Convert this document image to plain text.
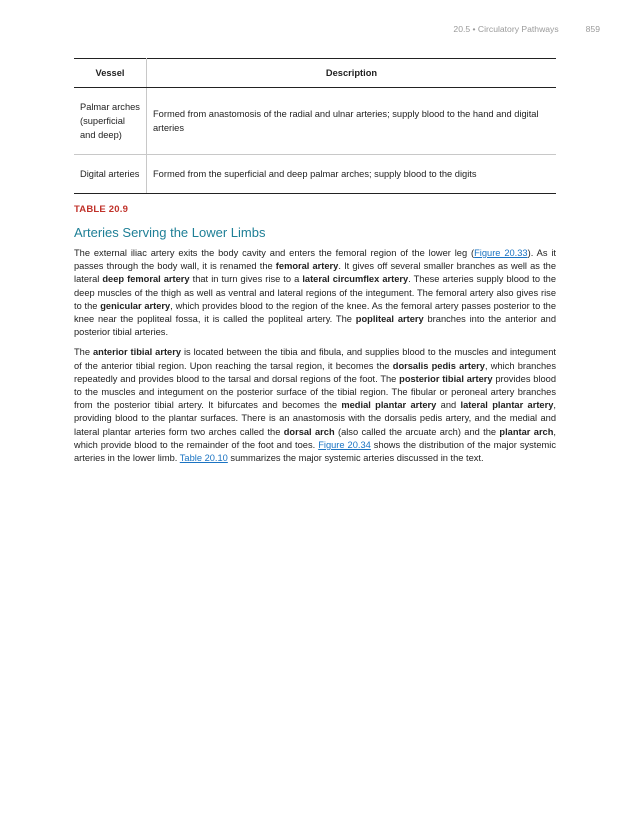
20.5 • Circulatory Pathways	859
Vessel	Description
Palmar arches (superficial and deep)	Formed from anastomosis of the radial and ulnar arteries; supply blood to the hand and digital arteries
Digital arteries	Formed from the superficial and deep palmar arches; supply blood to the digits
TABLE 20.9
Arteries Serving the Lower Limbs

The external iliac artery exits the body cavity and enters the femoral region of the lower leg (Figure 20.33). As it passes through the body wall, it is renamed the femoral artery. It gives off several smaller branches as well as the lateral deep femoral artery that in turn gives rise to a lateral circumflex artery. These arteries supply blood to the deep muscles of the thigh as well as ventral and lateral regions of the integument. The femoral artery also gives rise to the genicular artery, which provides blood to the region of the knee. As the femoral artery passes posterior to the knee near the popliteal fossa, it is called the popliteal artery. The popliteal artery branches into the anterior and posterior tibial arteries.

The anterior tibial artery is located between the tibia and fibula, and supplies blood to the muscles and integument of the anterior tibial region. Upon reaching the tarsal region, it becomes the dorsalis pedis artery, which branches repeatedly and provides blood to the tarsal and dorsal regions of the foot. The posterior tibial artery provides blood to the muscles and integument on the posterior surface of the tibial region. The fibular or peroneal artery branches from the posterior tibial artery. It bifurcates and becomes the medial plantar artery and lateral plantar artery, providing blood to the plantar surfaces. There is an anastomosis with the dorsalis pedis artery, and the medial and lateral plantar arteries form two arches called the dorsal arch (also called the arcuate arch) and the plantar arch, which provide blood to the remainder of the foot and toes. Figure 20.34 shows the distribution of the major systemic arteries in the lower limb. Table 20.10 summarizes the major systemic arteries discussed in the text.
